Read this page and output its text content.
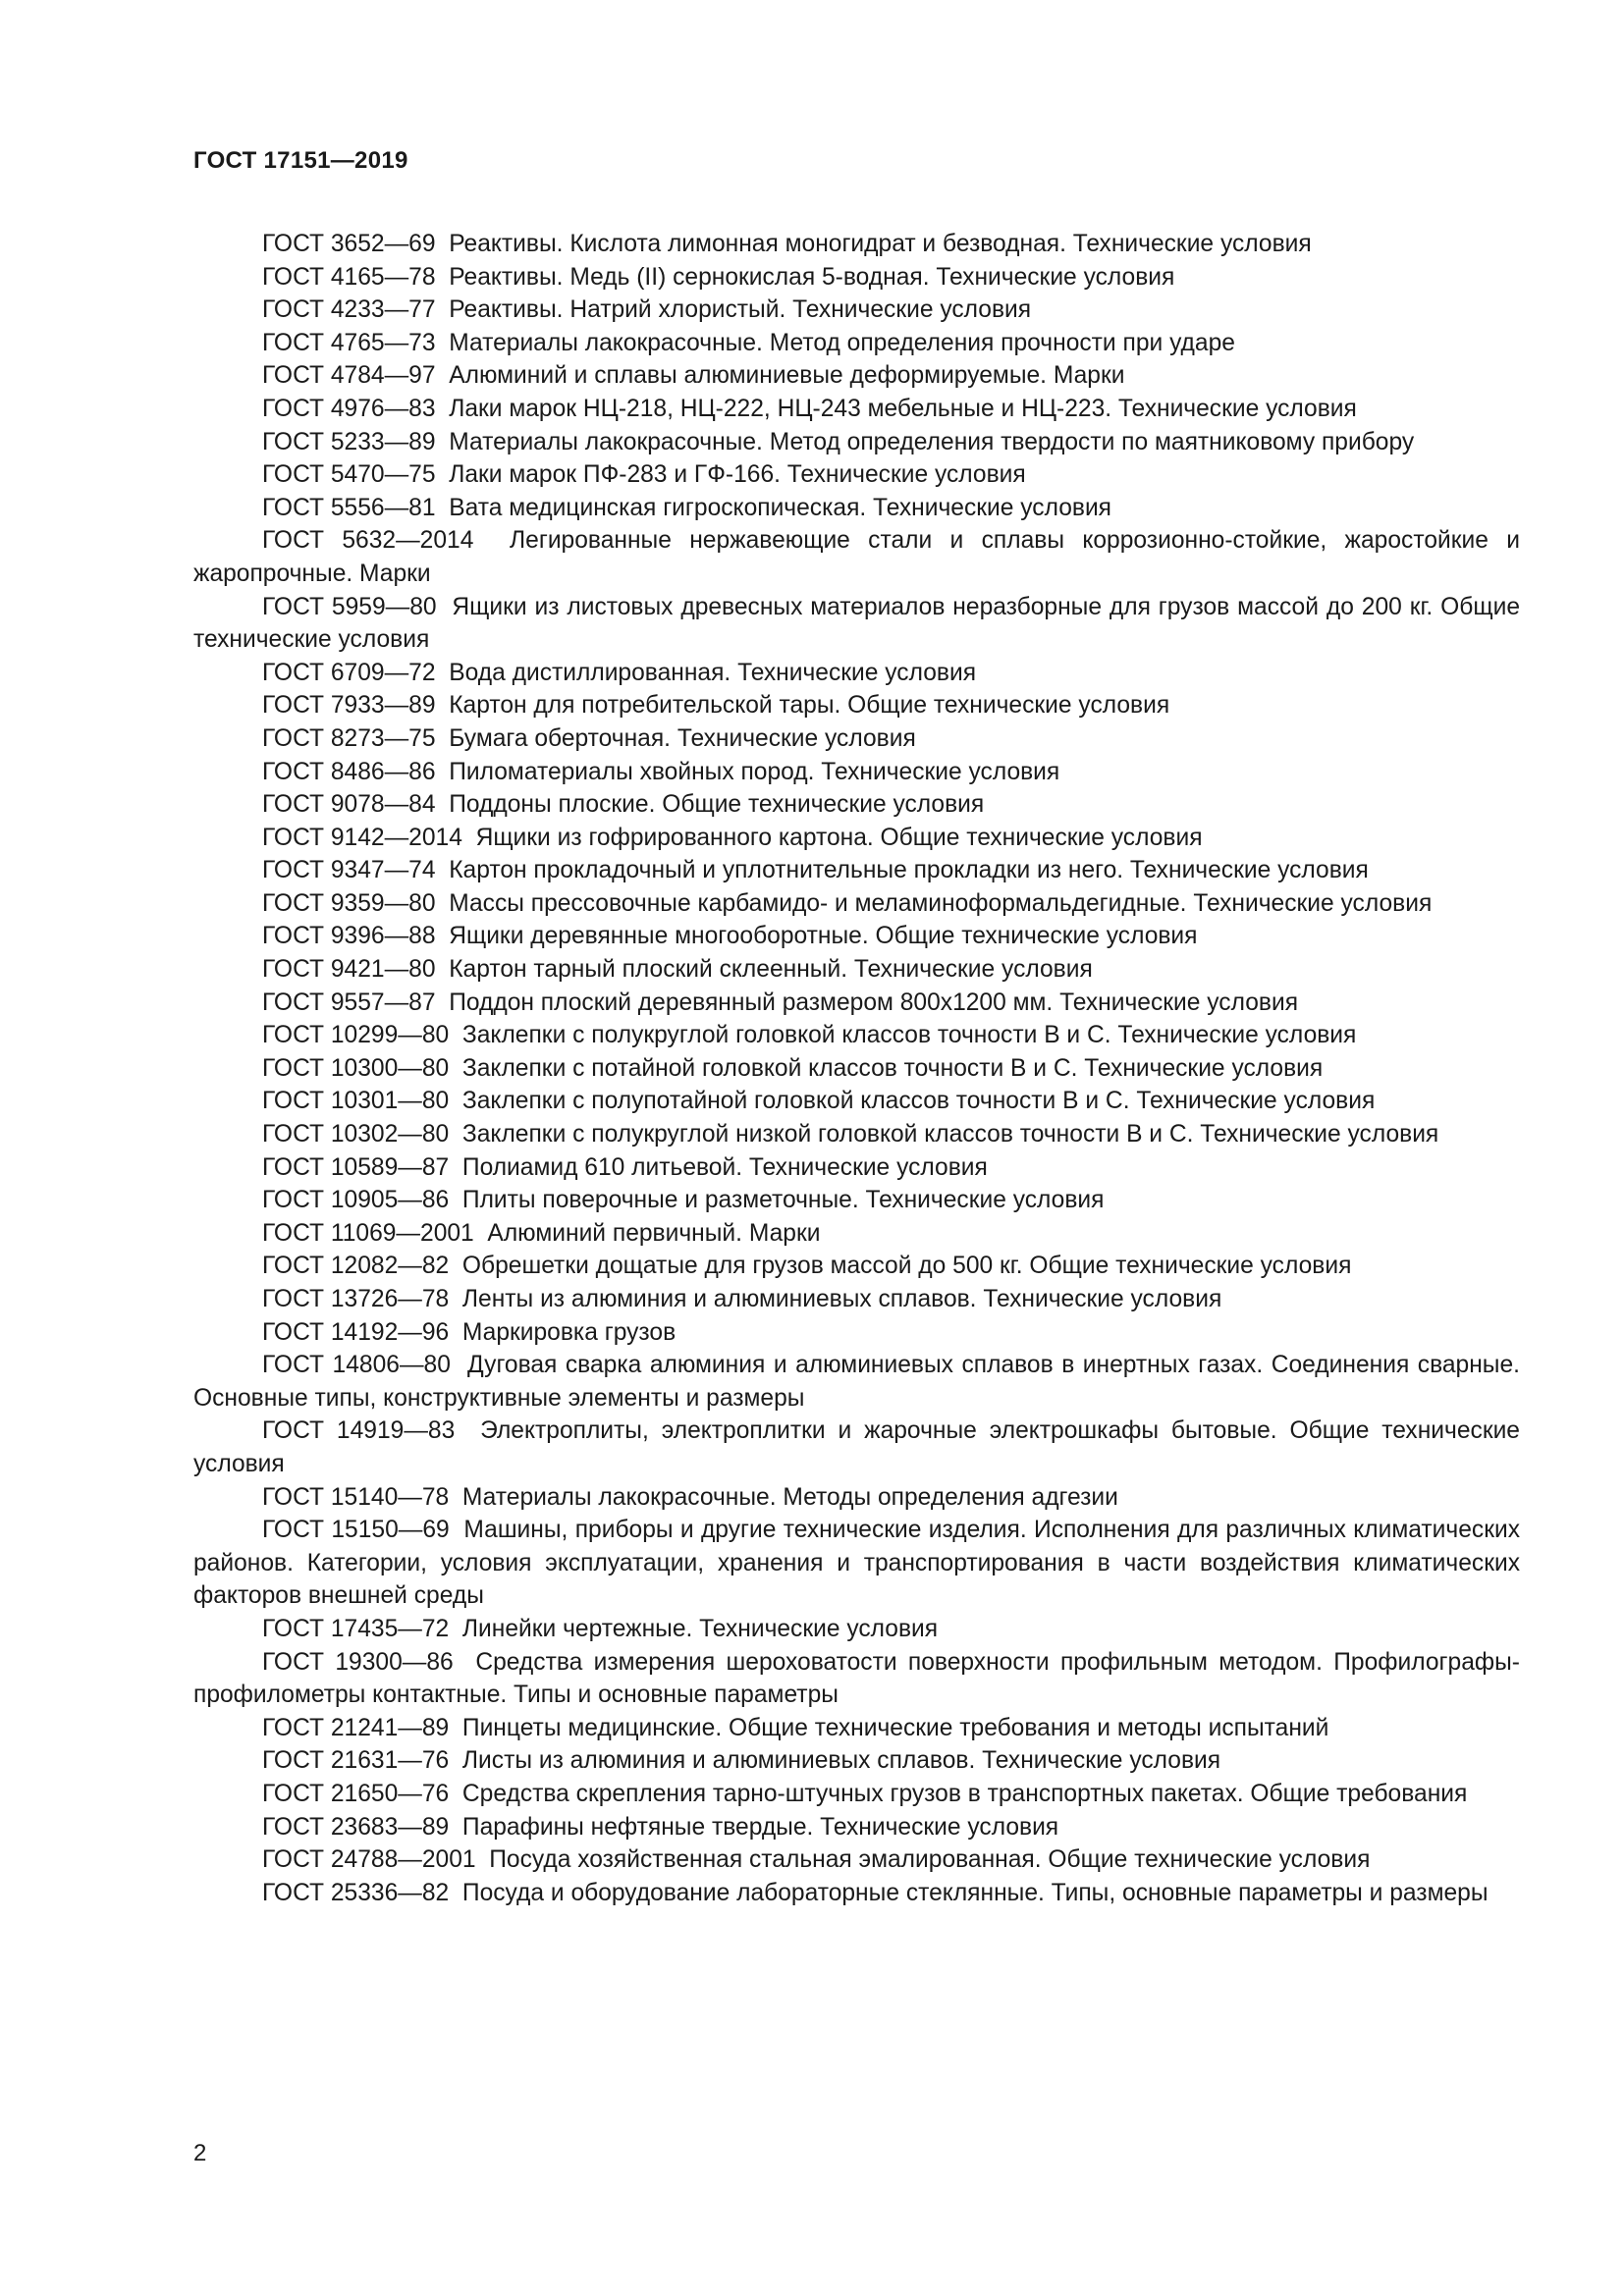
ГОСТ 17151—2019

ГОСТ 3652—69 Реактивы. Кислота лимонная моногидрат и безводная. Технические условия

ГОСТ 4165—78 Реактивы. Медь (II) сернокислая 5-водная. Технические условия

ГОСТ 4233—77 Реактивы. Натрий хлористый. Технические условия

ГОСТ 4765—73 Материалы лакокрасочные. Метод определения прочности при ударе

ГОСТ 4784—97 Алюминий и сплавы алюминиевые деформируемые. Марки

ГОСТ 4976—83 Лаки марок НЦ-218, НЦ-222, НЦ-243 мебельные и НЦ-223. Технические условия

ГОСТ 5233—89 Материалы лакокрасочные. Метод определения твердости по маятниковому прибору

ГОСТ 5470—75 Лаки марок ПФ-283 и ГФ-166. Технические условия

ГОСТ 5556—81 Вата медицинская гигроскопическая. Технические условия

ГОСТ 5632—2014 Легированные нержавеющие стали и сплавы коррозионно-стойкие, жаростойкие и жаропрочные. Марки

ГОСТ 5959—80 Ящики из листовых древесных материалов неразборные для грузов массой до 200 кг. Общие технические условия

ГОСТ 6709—72 Вода дистиллированная. Технические условия

ГОСТ 7933—89 Картон для потребительской тары. Общие технические условия

ГОСТ 8273—75 Бумага оберточная. Технические условия

ГОСТ 8486—86 Пиломатериалы хвойных пород. Технические условия

ГОСТ 9078—84 Поддоны плоские. Общие технические условия

ГОСТ 9142—2014 Ящики из гофрированного картона. Общие технические условия

ГОСТ 9347—74 Картон прокладочный и уплотнительные прокладки из него. Технические условия

ГОСТ 9359—80 Массы прессовочные карбамидо- и меламиноформальдегидные. Технические условия

ГОСТ 9396—88 Ящики деревянные многооборотные. Общие технические условия

ГОСТ 9421—80 Картон тарный плоский склеенный. Технические условия

ГОСТ 9557—87 Поддон плоский деревянный размером 800x1200 мм. Технические условия

ГОСТ 10299—80 Заклепки с полукруглой головкой классов точности В и С. Технические условия

ГОСТ 10300—80 Заклепки с потайной головкой классов точности В и С. Технические условия

ГОСТ 10301—80 Заклепки с полупотайной головкой классов точности В и С. Технические условия

ГОСТ 10302—80 Заклепки с полукруглой низкой головкой классов точности В и С. Технические условия

ГОСТ 10589—87 Полиамид 610 литьевой. Технические условия

ГОСТ 10905—86 Плиты поверочные и разметочные. Технические условия

ГОСТ 11069—2001 Алюминий первичный. Марки

ГОСТ 12082—82 Обрешетки дощатые для грузов массой до 500 кг. Общие технические условия

ГОСТ 13726—78 Ленты из алюминия и алюминиевых сплавов. Технические условия

ГОСТ 14192—96 Маркировка грузов

ГОСТ 14806—80 Дуговая сварка алюминия и алюминиевых сплавов в инертных газах. Соединения сварные. Основные типы, конструктивные элементы и размеры

ГОСТ 14919—83 Электроплиты, электроплитки и жарочные электрошкафы бытовые. Общие технические условия

ГОСТ 15140—78 Материалы лакокрасочные. Методы определения адгезии

ГОСТ 15150—69 Машины, приборы и другие технические изделия. Исполнения для различных климатических районов. Категории, условия эксплуатации, хранения и транспортирования в части воздействия климатических факторов внешней среды

ГОСТ 17435—72 Линейки чертежные. Технические условия

ГОСТ 19300—86 Средства измерения шероховатости поверхности профильным методом. Профилографы-профилометры контактные. Типы и основные параметры

ГОСТ 21241—89 Пинцеты медицинские. Общие технические требования и методы испытаний

ГОСТ 21631—76 Листы из алюминия и алюминиевых сплавов. Технические условия

ГОСТ 21650—76 Средства скрепления тарно-штучных грузов в транспортных пакетах. Общие требования

ГОСТ 23683—89 Парафины нефтяные твердые. Технические условия

ГОСТ 24788—2001 Посуда хозяйственная стальная эмалированная. Общие технические условия

ГОСТ 25336—82 Посуда и оборудование лабораторные стеклянные. Типы, основные параметры и размеры

2
